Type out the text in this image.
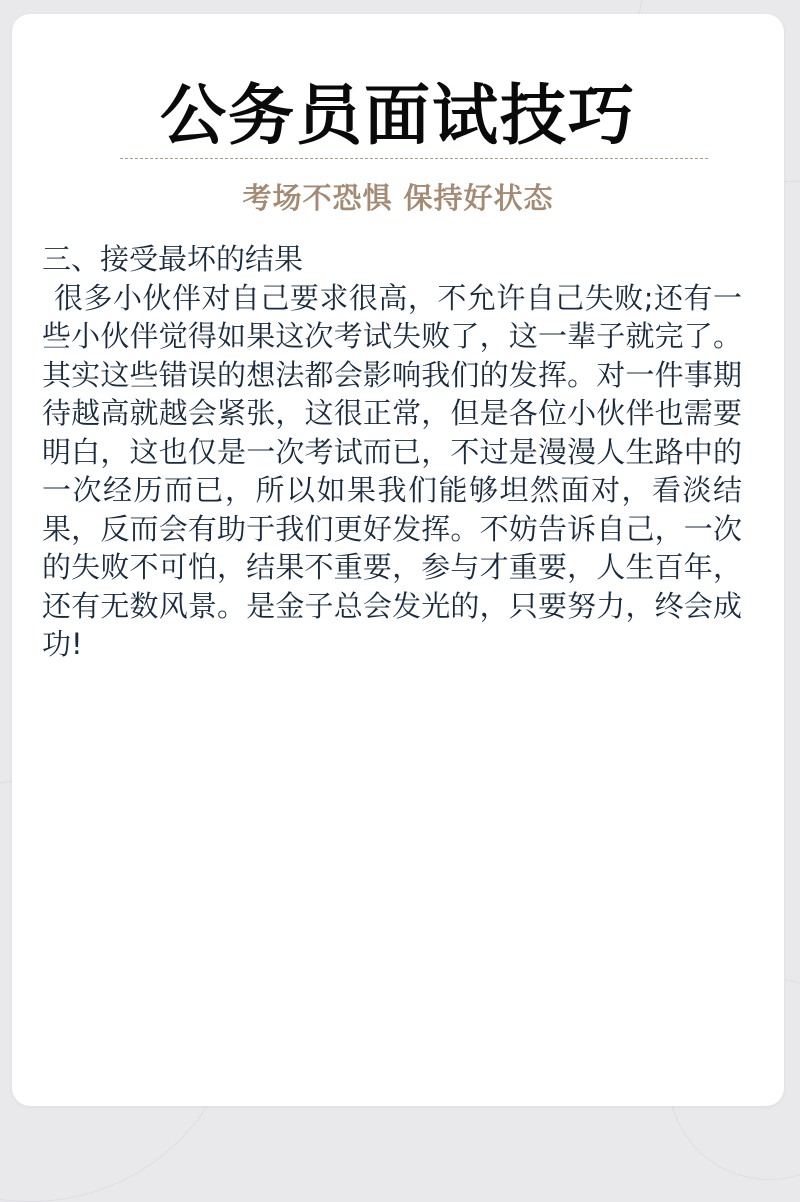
公务员面试技巧
考场不恐惧 保持好状态
三、接受最坏的结果

很多小伙伴对自己要求很高，不允许自己失败;还有一些小伙伴觉得如果这次考试失败了，这一辈子就完了。其实这些错误的想法都会影响我们的发挥。对一件事期待越高就越会紧张，这很正常，但是各位小伙伴也需要明白，这也仅是一次考试而已，不过是漫漫人生路中的一次经历而已，所以如果我们能够坦然面对，看淡结果，反而会有助于我们更好发挥。不妨告诉自己，一次的失败不可怕，结果不重要，参与才重要，人生百年，还有无数风景。是金子总会发光的，只要努力，终会成功!
